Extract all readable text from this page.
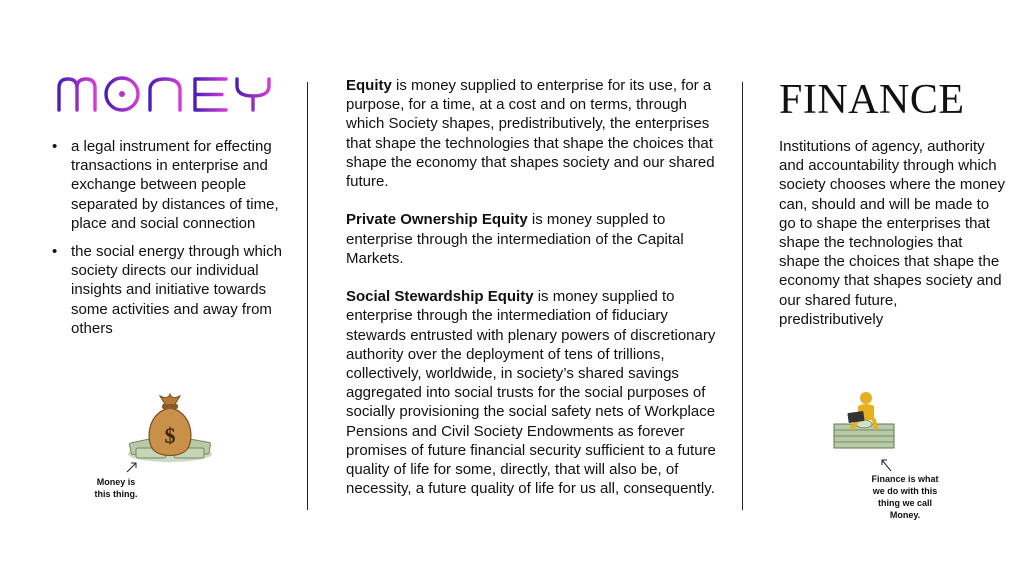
• a legal instrument for effecting transactions in enterprise and exchange between people separated by distances of time, place and social connection
• the social energy through which society directs our individual insights and initiative towards some activities and away from others
$
Money is this thing.

Equity is money supplied to enterprise for its use, for a purpose, for a time, at a cost and on terms, through which Society shapes, predistributively, the enterprises that shape the technologies that shape the choices that shape the economy that shapes society and our shared future.

Private Ownership Equity is money suppled to enterprise through the intermediation of the Capital Markets.

Social Stewardship Equity is money supplied to enterprise through the intermediation of fiduciary stewards entrusted with plenary powers of discretionary authority over the deployment of tens of trillions, collectively, worldwide, in society’s shared savings aggregated into social trusts for the social purposes of socially provisioning the social safety nets of Workplace Pensions and Civil Society Endowments as forever promises of future financial security sufficient to a future quality of life for some, directly, that will also be, of necessity, a future quality of life for us all, consequently.

FINANCE
Institutions of agency, authority and accountability through which society chooses where the money can, should and will be made to go to shape the enterprises that shape the technologies that shape the choices that shape the economy that shapes society and our shared future, predistributively
Finance is what we do with this thing we call Money.
